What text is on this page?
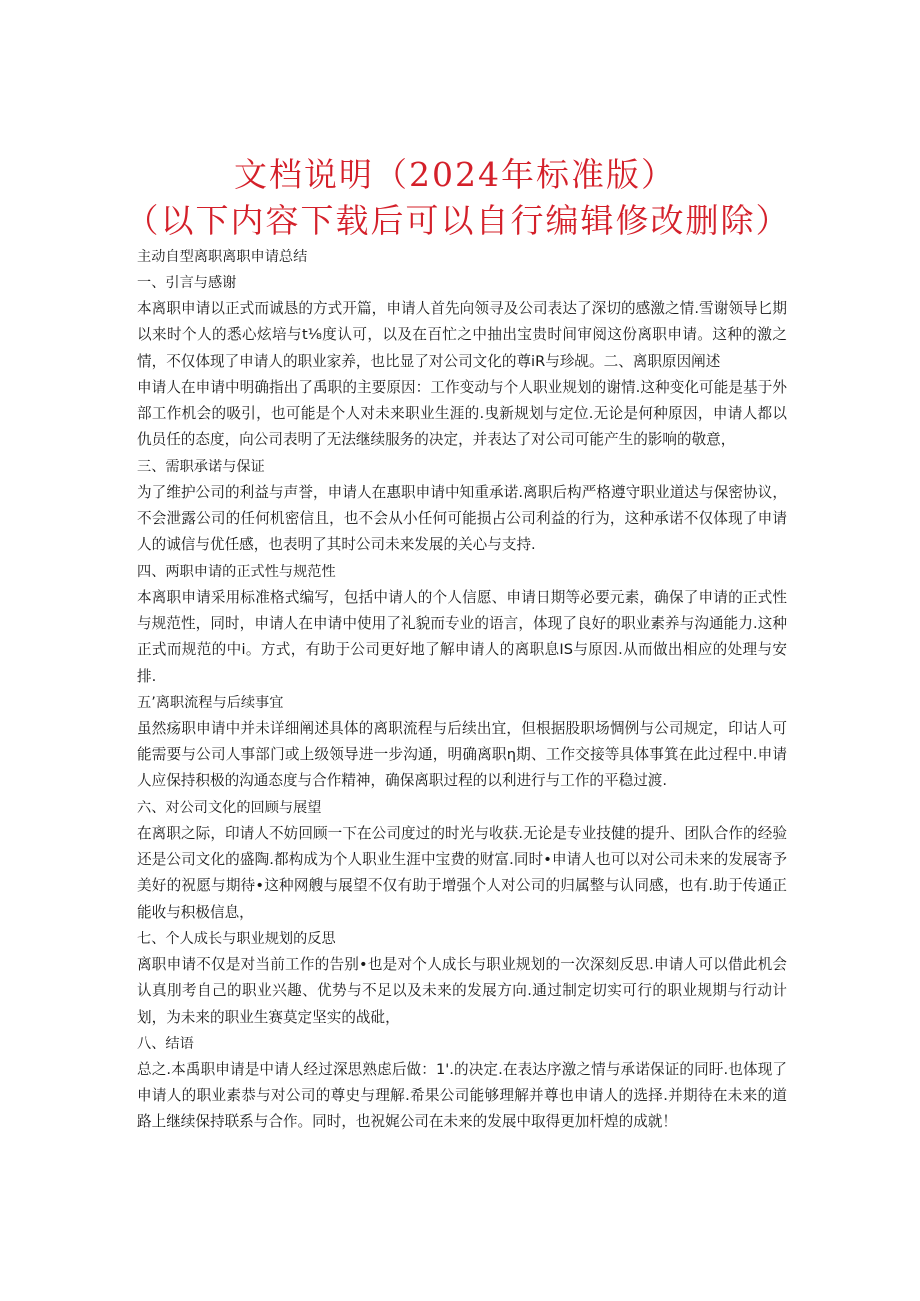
文档说明（2024年标准版）
（以下内容下载后可以自行编辑修改删除）
主动自型离职离职申请总结
一、引言与感谢
本离职申请以正式而诚恳的方式开篇，申请人首先向领寻及公司表达了深切的感激之情.雪谢领导匕期以来时个人的悉心炫培与t⅛度认可，以及在百忙之中抽出宝贵时间审阅这份离职申请。这种的激之情，不仅体现了申请人的职业家养，也比显了对公司文化的尊iR与珍觇。二、离职原因阐述
申请人在申请中明确指出了禹职的主要原因：工作变动与个人职业规划的谢情.这种变化可能是基于外部工作机会的吸引，也可能是个人对未来职业生涯的.曳新规划与定位.无论是何种原因，申请人都以仇员任的态度，向公司表明了无法继续服务的决定，并表达了对公司可能产生的影响的敬意，
三、需职承诺与保证
为了维护公司的利益与声誉，申请人在惠职申请中知重承诺.离职后构严格遵守职业道迖与保密协议，不会泄露公司的任何机密信且，也不会从小任何可能损占公司利益的行为，这种承诺不仅体现了申请人的诚信与优任感，也表明了其时公司未来发展的关心与支持.
四、两职申请的正式性与规范性
本离职申请采用标准格式编写，包括中请人的个人信愿、申请日期等必要元素，确保了申请的正式性与规范性，同时，申请人在申请中使用了礼貌而专业的语言，体现了良好的职业素养与沟通能力.这种正式而规范的中i。方式，有助于公司更好地了解申请人的离职息IS与原因.从而做出相应的处理与安排.
五’离职流程与后续事宜
虽然疡职申请中并未详细阐述具体的离职流程与后续出宜，但根据股职场惆例与公司规定，印诂人可能需要与公司人事部门或上级领导进一步沟通，明确离职η期、工作交接等具体事箕在此过程中.申请人应保持积极的沟通态度与合作精神，确保离职过程的以利进行与工作的平稳过渡.
六、对公司文化的回顾与展望
在离职之际，印请人不妨回顾一下在公司度过的时光与收获.无论是专业技健的提升、团队合作的经验还是公司文化的盛陶.都构成为个人职业生涯中宝费的财富.同时•申请人也可以对公司未来的发展寄予美好的祝愿与期待•这种网艘与展望不仅有助于增强个人对公司的归属整与认同感，也有.助于传通正能收与积极信息，
七、个人成长与职业规划的反思
离职申请不仅是对当前工作的告别•也是对个人成长与职业规划的一次深刻反思.申请人可以借此机会认真刖考自己的职业兴趣、优势与不足以及未来的发展方向.通过制定切实可行的职业规期与行动计划，为未来的职业生赛莫定坚实的战砒，
八、结语
总之.本禹职申请是中请人经过深思熟虑后做：1'.的决定.在表达序激之情与承诺保证的同盱.也体现了申请人的职业素恭与对公司的尊史与理解.希果公司能够理解并尊也申请人的选择.并期待在未来的道路上继续保持联系与合作。同时，也祝娓公司在未来的发展中取得更加杆煌的成就！
